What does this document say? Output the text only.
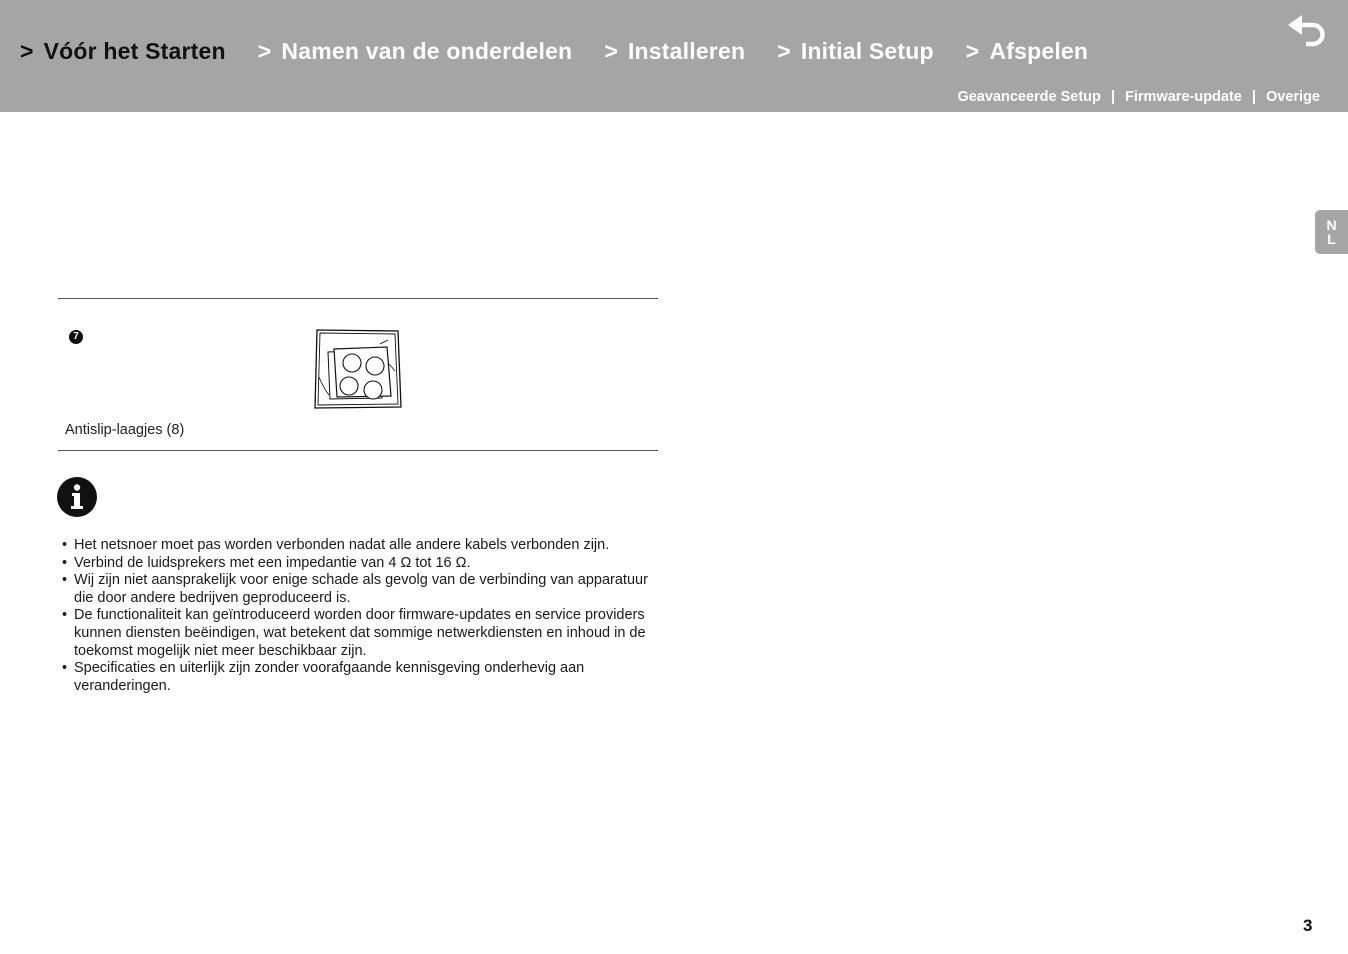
> Vóór het Starten > Namen van de onderdelen > Installeren > Initial Setup > Afspelen
Geavanceerde Setup | Firmware-update | Overige
N
L
7
Antislip-laagjes (8)
• Het netsnoer moet pas worden verbonden nadat alle andere kabels verbonden zijn.
• Verbind de luidsprekers met een impedantie van 4 Ω tot 16 Ω.
• Wij zijn niet aansprakelijk voor enige schade als gevolg van de verbinding van apparatuur die door andere bedrijven geproduceerd is.
• De functionaliteit kan geïntroduceerd worden door firmware-updates en service providers kunnen diensten beëindigen, wat betekent dat sommige netwerkdiensten en inhoud in de toekomst mogelijk niet meer beschikbaar zijn.
• Specificaties en uiterlijk zijn zonder voorafgaande kennisgeving onderhevig aan veranderingen.
3
